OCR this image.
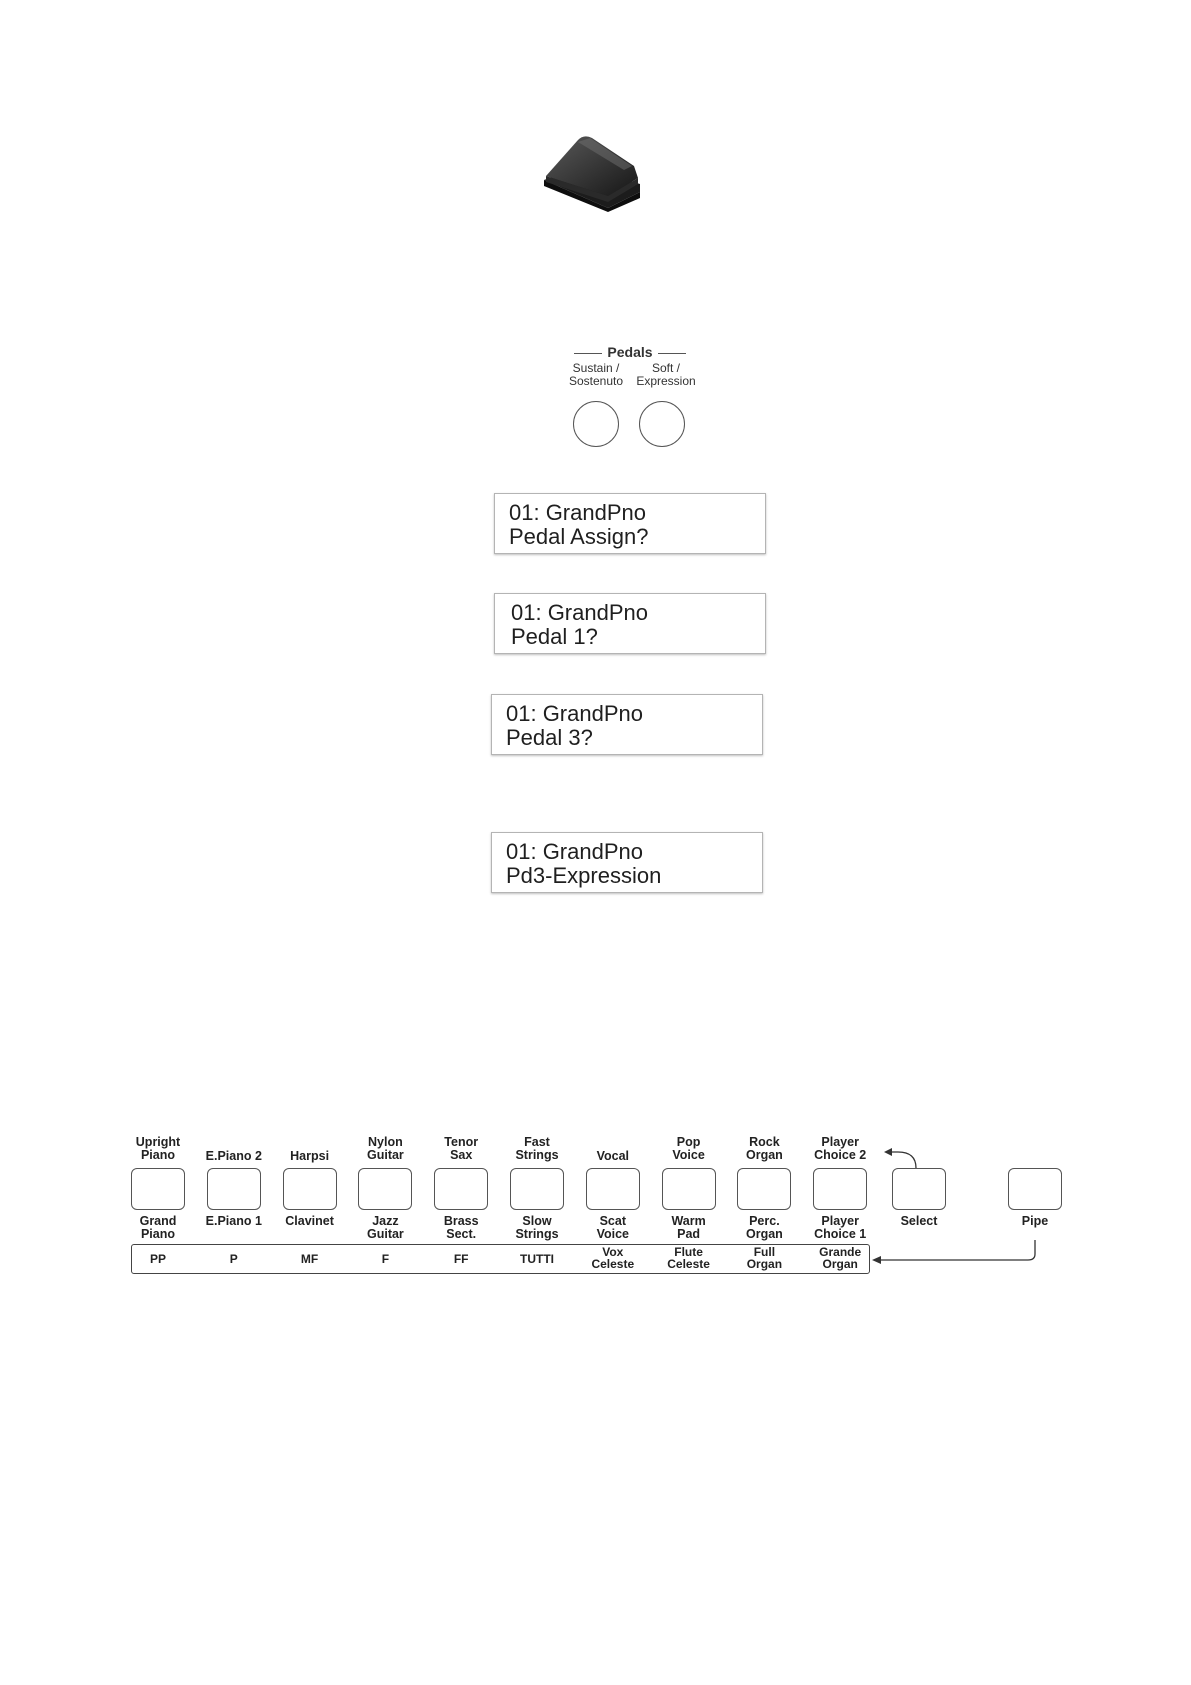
Pedals
Sustain /
Sostenuto
Soft /
Expression
01: GrandPno
Pedal Assign?
01: GrandPno
Pedal 1?
01: GrandPno
Pedal 3?
01: GrandPno
Pd3-Expression
Upright
Piano
Grand
Piano
PP
E.Piano 2
E.Piano 1
P
Harpsi
Clavinet
MF
Nylon
Guitar
Jazz
Guitar
F
Tenor
Sax
Brass
Sect.
FF
Fast
Strings
Slow
Strings
TUTTI
Vocal
Scat
Voice
Vox
Celeste
Pop
Voice
Warm
Pad
Flute
Celeste
Rock
Organ
Perc.
Organ
Full
Organ
Player
Choice 2
Player
Choice 1
Grande
Organ
Select	Pipe
